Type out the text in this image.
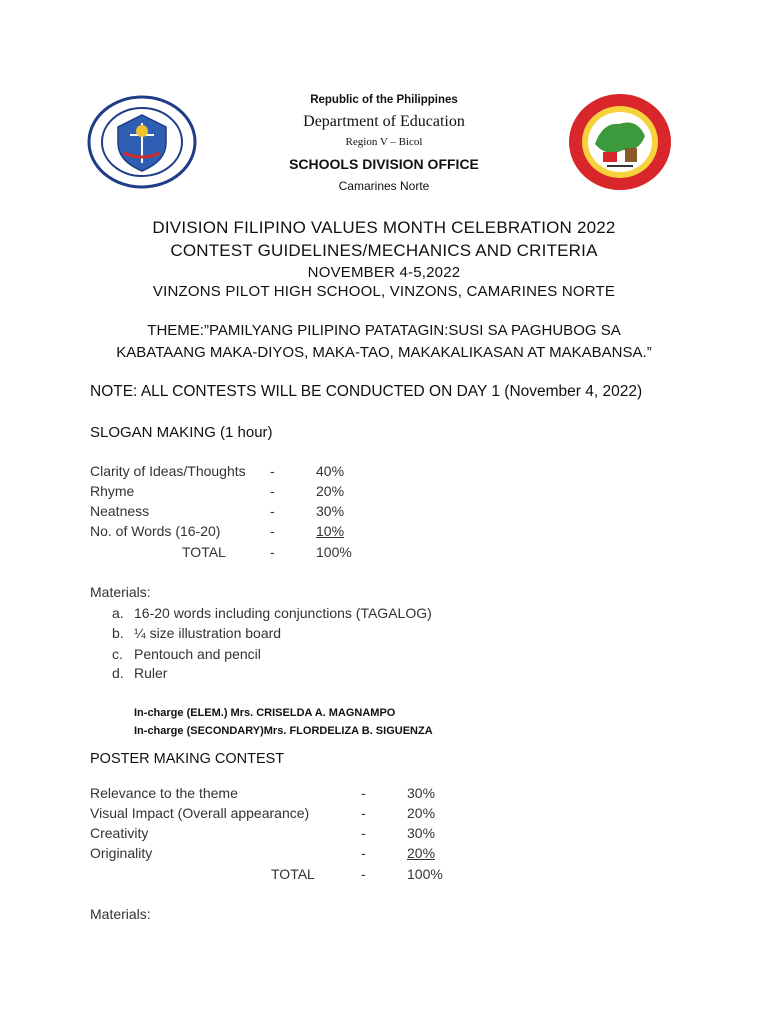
Republic of the Philippines
Department of Education
Region V – Bicol
SCHOOLS DIVISION OFFICE
Camarines Norte
DIVISION FILIPINO VALUES MONTH CELEBRATION 2022
CONTEST GUIDELINES/MECHANICS AND CRITERIA
NOVEMBER 4-5,2022
VINZONS PILOT HIGH SCHOOL, VINZONS, CAMARINES NORTE
THEME:”PAMILYANG PILIPINO PATATAGIN:SUSI SA PAGHUBOG SA
KABATAANG MAKA-DIYOS, MAKA-TAO, MAKAKALIKASAN AT MAKABANSA.”
NOTE: ALL CONTESTS WILL BE CONDUCTED ON DAY 1 (November 4, 2022)
SLOGAN MAKING (1 hour)
Clarity of Ideas/Thoughts -	40%
Rhyme	-	20%
Neatness	-	30%
No. of Words (16-20)	-	10%
TOTAL	-	100%
Materials:
a. 16-20 words including conjunctions (TAGALOG)
b. ¼ size illustration board
c. Pentouch and pencil
d. Ruler
In-charge (ELEM.) Mrs. CRISELDA A. MAGNAMPO
In-charge (SECONDARY)Mrs. FLORDELIZA B. SIGUENZA
POSTER MAKING CONTEST
Relevance to the theme	-	30%
Visual Impact (Overall appearance)	-	20%
Creativity	-	30%
Originality	-	20%
TOTAL	-	100%
Materials:
